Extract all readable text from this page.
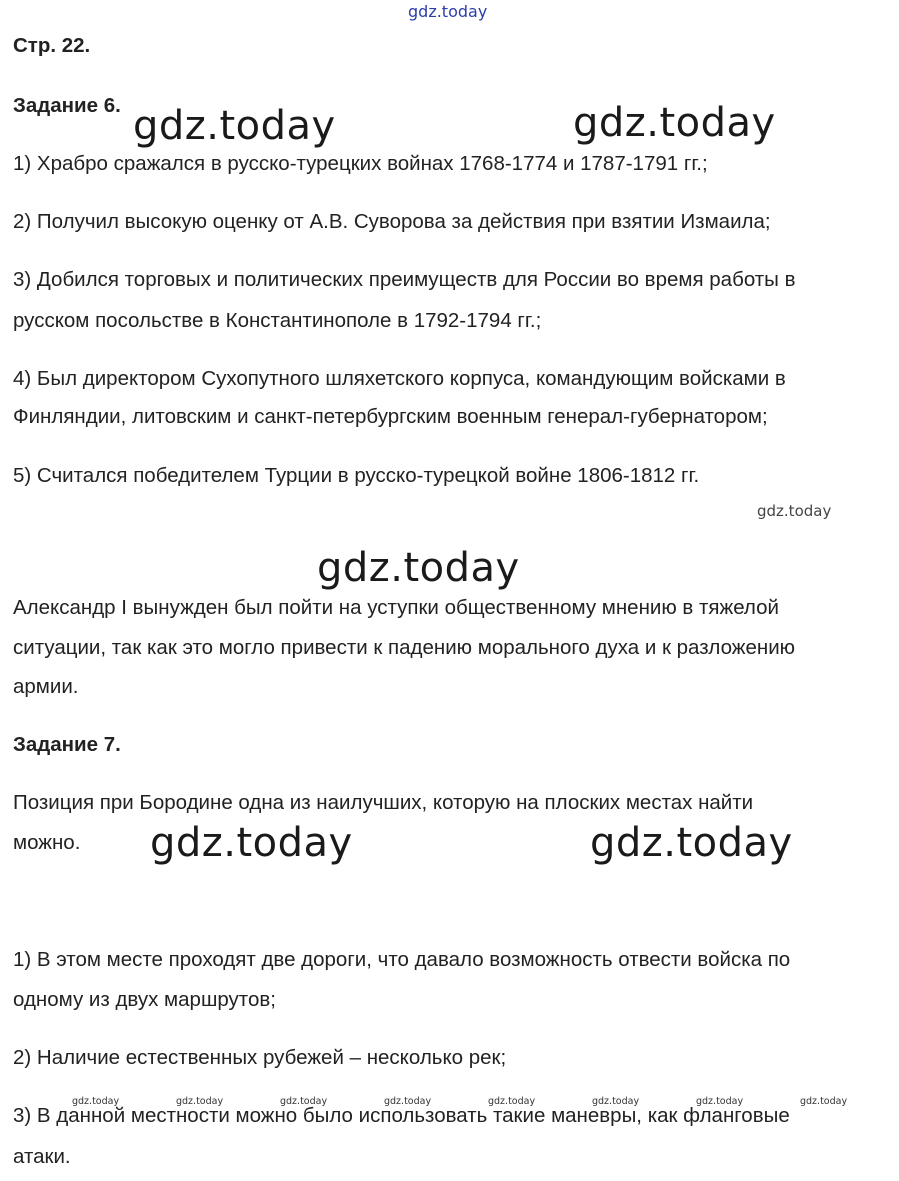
gdz.today
Стр. 22.
Задание 6. gdz.today	gdz.today
1) Храбро сражался в русско-турецких войнах 1768-1774 и 1787-1791 гг.;
2) Получил высокую оценку от А.В. Суворова за действия при взятии Измаила;
3) Добился торговых и политических преимуществ для России во время работы в
русском посольстве в Константинополе в 1792-1794 гг.;
4) Был директором Сухопутного шляхетского корпуса, командующим войсками в
Финляндии, литовским и санкт-петербургским военным генерал-губернатором;
5) Считался победителем Турции в русско-турецкой войне 1806-1812 гг.
gdz.today
gdz.today
Александр I вынужден был пойти на уступки общественному мнению в тяжелой
ситуации, так как это могло привести к падению морального духа и к разложению
армии.
Задание 7.
Позиция при Бородине одна из наилучших, которую на плоских местах найти
можно. gdz.today	gdz.today
1) В этом месте проходят две дороги, что давало возможность отвести войска по
одному из двух маршрутов;
2) Наличие естественных рубежей – несколько рек;
gdz.today	gdz.today	gdz.today	gdz.today	gdz.today	gdz.today	gdz.today	gdz.today
3) В данной местности можно было использовать такие маневры, как фланговые
атаки.
